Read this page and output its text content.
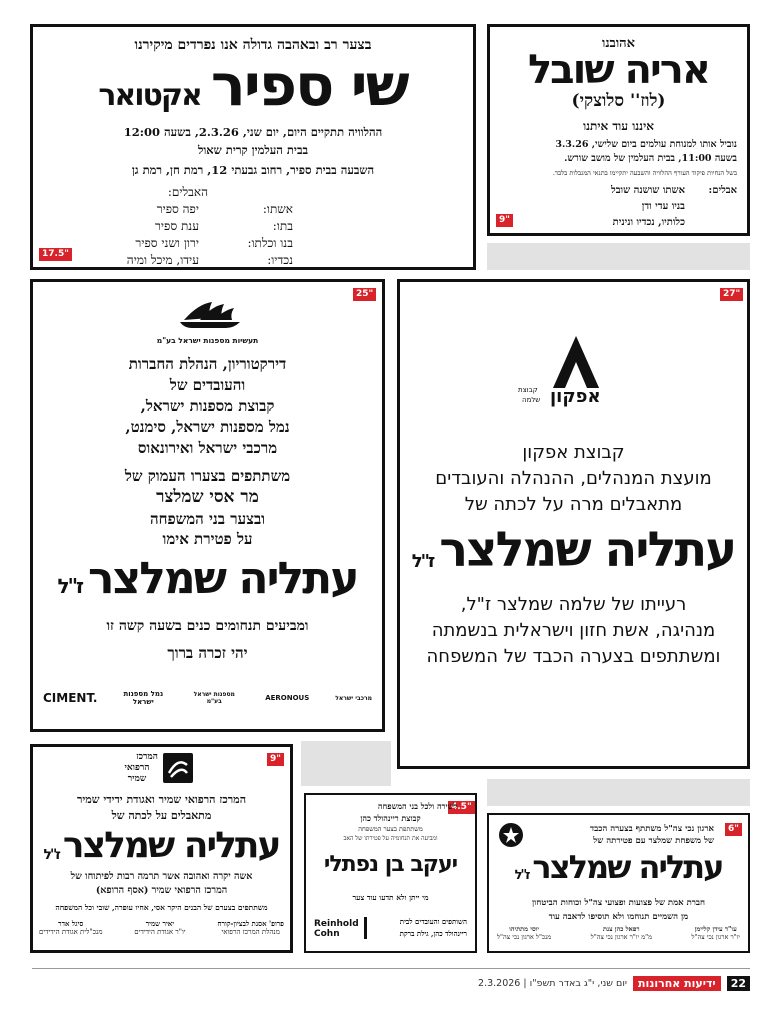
בצער רב ובאהבה גדולה אנו נפרדים מיקירנו
שי ספיר
אקטואר
ההלוויה תתקיים היום, יום שני, 2.3.26, בשעה 12:00
בבית העלמין קרית שאול
השבעה בבית ספיר, רחוב גבעתי 12, רמת חן, רמת גן
האבלים:
אשתו:
יפה ספיר
בתו:
ענת ספיר
בנו וכלתו:
ירון ושני ספיר
נכדיו:
עידו, מיכל ומיה
17.5"
אהובנו
אריה שובל
(לוז'' סלוצקי)
איננו עוד איתנו
נוביל אותו למנוחת עולמים ביום שלישי, 3.3.26
בשעה 11:00, בבית העלמין של מושב שורש.
בשל הנחיות פיקוד העורף ההלוויה והשבעה יתקיימו בתנאי המגבלות בלבד.
אבלים:
אשתו שושנה שובל
בניו עדי ודן
כלותיו, נכדיו ונינית
9"
25"
תעשיות מספנות ישראל בע"מ
דירקטוריון, הנהלת החברות
והעובדים של
קבוצת מספנות ישראל,
נמל מספנות ישראל, סימנט,
מרכבי ישראל ואירונאוס
משתתפים בצערו העמוק של
מר אסי שמלצר
ובצער בני המשפחה
על פטירת אימו
עתליה שמלצר
ז"ל
ומביעים תנחומים כנים בשעה קשה זו
יהי זכרה ברוך
CIMENT.	נמל מספנות ישראל
מספנות ישראל בע"מ	AERONOUS	מרכבי ישראל
27"
אפקון
קבוצת
שלמה
קבוצת אפקון
מועצת המנהלים, ההנהלה והעובדים
מתאבלים מרה על לכתה של
עתליה שמלצר
ז"ל
רעייתו של שלמה שמלצר ז"ל,
מנהיגה, אשת חזון וישראלית בנשמתה
ומשתתפים בצערה הכבד של המשפחה
9"
המרכז
הרפואי
שמיר
המרכז הרפואי שמיר ואגודת ידידי שמיר
מתאבלים על לכתה של
עתליה שמלצר
ז"ל
אשה יקרה ואהובה אשר תרמה רבות לפיתוחו של
המרכז הרפואי שמיר (אסף הרופא)
משתתפים בצערם של הבנים היקר אסי, אחיו עופרה, שובי וכל המשפחה
פרופ' אסנת לבציון-קורח
מנהלת המרכז הרפואי
יאיר שמיר
יו"ר אגודת הידידים
סיגל אדר
מנכ"לית אגודת הידידים
4.5"
לשירה ולכל בני המשפחה
קבוצת ריינהולד כהן
משתתפת בצער המשפחה
ומביעה את תנחומיה על פטירתו של האב
יעקב בן נפתלי
מי ייתן ולא תדעו עוד צער
השותפים והעובדים לבית
ריינהולד כהן, גילת ברקת
Reinhold
Cohn
6"
ארגון נכי צה"ל משתתף בצערה הכבד
של משפחת שמלצר עם פטירתה של
עתליה שמלצר
ז"ל
חברת אמת של פצועות ופצועי צה"ל וכוחות הביטחון
מן השמיים תנוחמו ולא תוסיפו לדאבה עוד
עו"ד עידן קליימן
יו"ר ארגון נכי צה"ל
רפאל כהן צנת
מ"מ יו"ר ארגון נכי צה"ל
יוסי מתתיהו
מנכ"ל ארגון נכי צה"ל
22
ידיעות אחרונות
יום שני, י"ג באדר תשפ"ו | 2.3.2026
